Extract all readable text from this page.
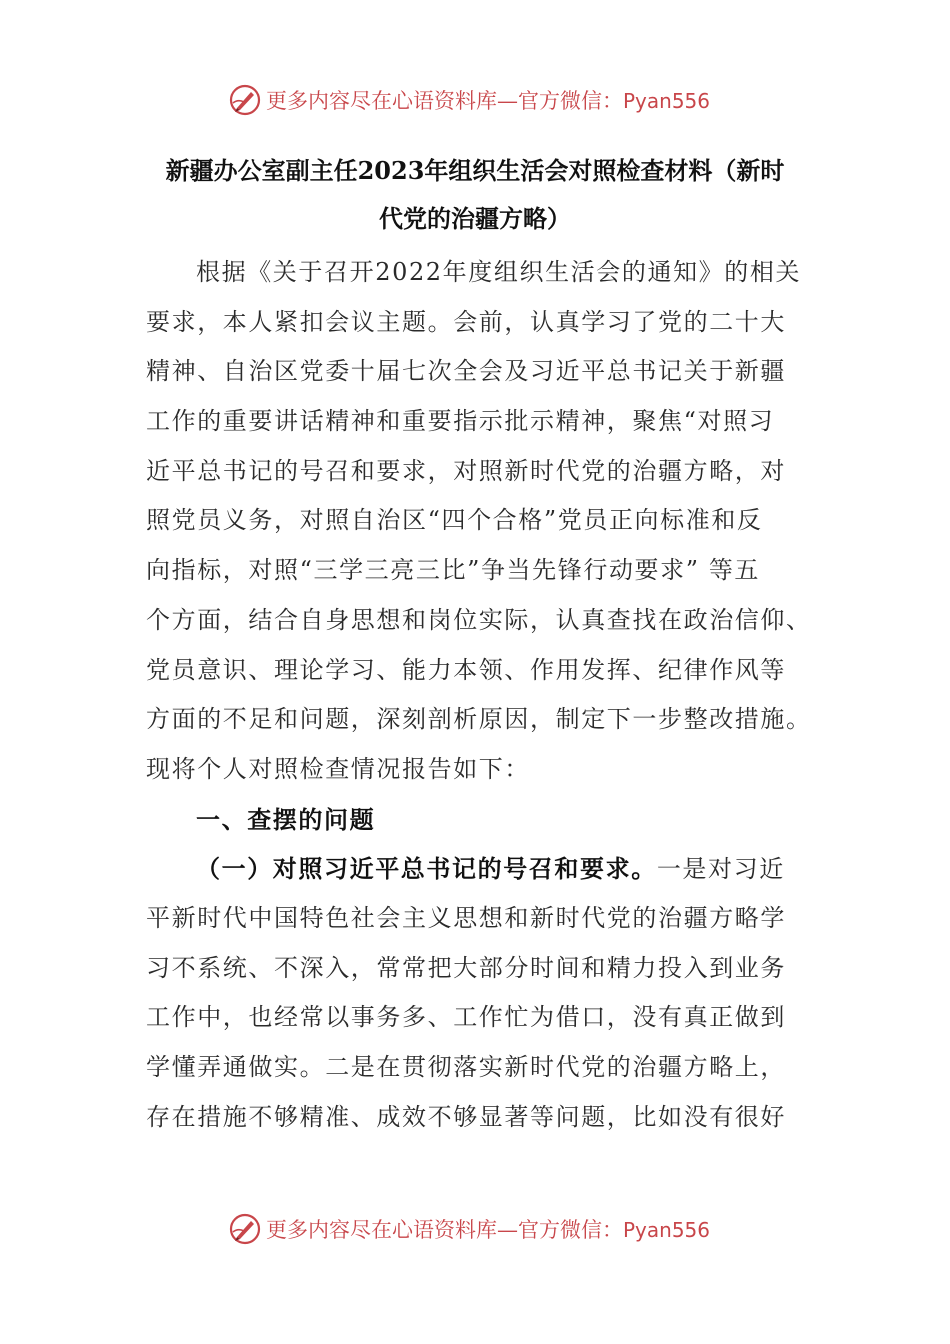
更多内容尽在心语资料库—官方微信：Pyan556
新疆办公室副主任2023年组织生活会对照检查材料（新时
代党的治疆方略）
根据《关于召开2022年度组织生活会的通知》的相关
要求，本人紧扣会议主题。会前，认真学习了党的二十大
精神、自治区党委十届七次全会及习近平总书记关于新疆
工作的重要讲话精神和重要指示批示精神，聚焦“对照习
近平总书记的号召和要求，对照新时代党的治疆方略，对
照党员义务，对照自治区“四个合格”党员正向标准和反
向指标，对照“三学三亮三比”争当先锋行动要求” 等五
个方面，结合自身思想和岗位实际，认真查找在政治信仰、
党员意识、理论学习、能力本领、作用发挥、纪律作风等
方面的不足和问题，深刻剖析原因，制定下一步整改措施。
现将个人对照检查情况报告如下：
一、查摆的问题
（一）对照习近平总书记的号召和要求。一是对习近
平新时代中国特色社会主义思想和新时代党的治疆方略学
习不系统、不深入，常常把大部分时间和精力投入到业务
工作中，也经常以事务多、工作忙为借口，没有真正做到
学懂弄通做实。二是在贯彻落实新时代党的治疆方略上，
存在措施不够精准、成效不够显著等问题，比如没有很好
更多内容尽在心语资料库—官方微信：Pyan556
